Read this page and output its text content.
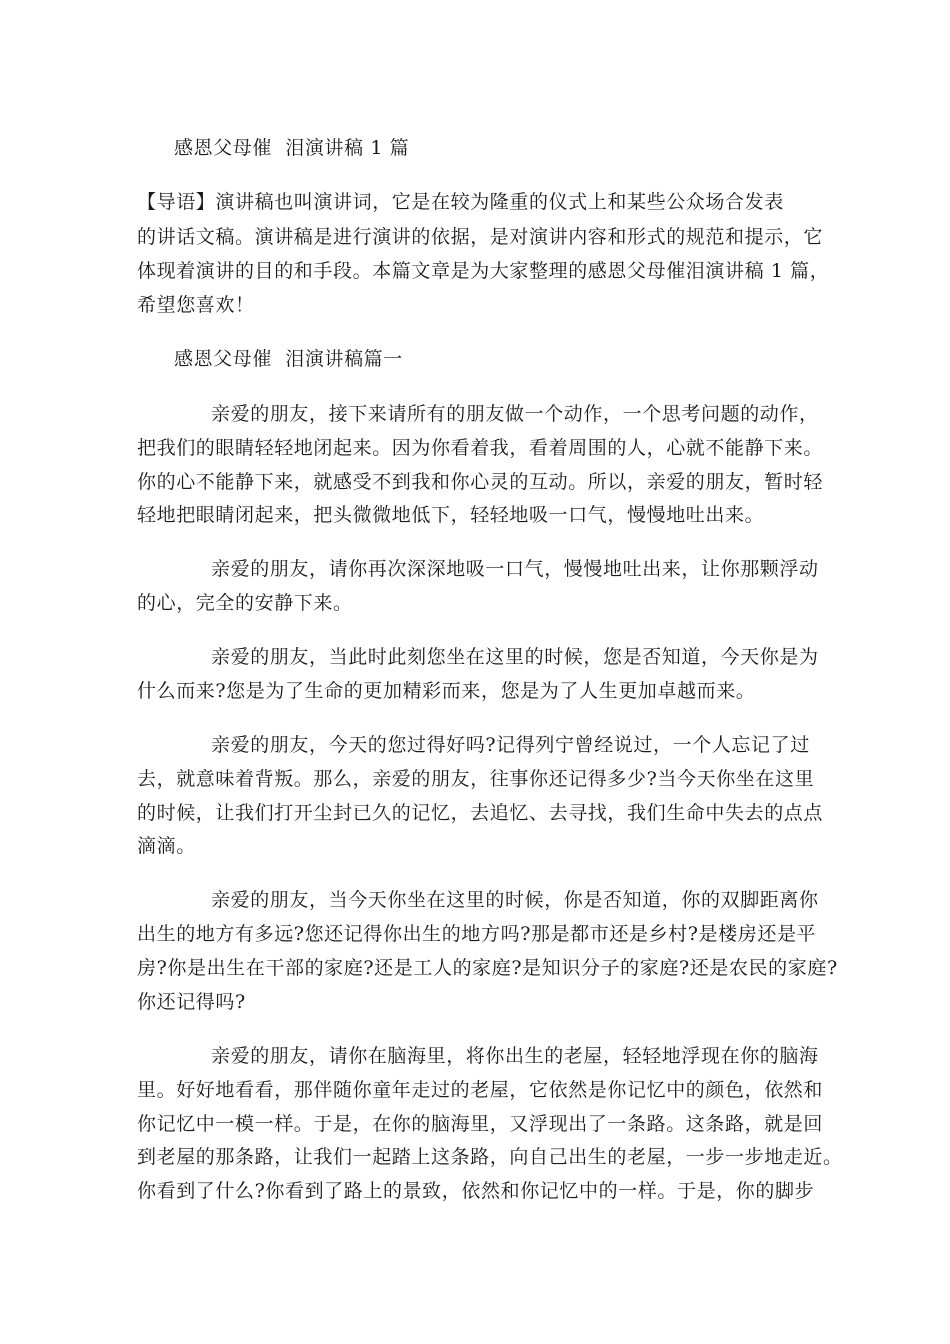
感恩父母催  泪演讲稿 1 篇
【导语】演讲稿也叫演讲词，它是在较为隆重的仪式上和某些公众场合发表
的讲话文稿。演讲稿是进行演讲的依据，是对演讲内容和形式的规范和提示，它
体现着演讲的目的和手段。本篇文章是为大家整理的感恩父母催泪演讲稿 1 篇，
希望您喜欢！
感恩父母催  泪演讲稿篇一
亲爱的朋友，接下来请所有的朋友做一个动作，一个思考问题的动作，
把我们的眼睛轻轻地闭起来。因为你看着我，看着周围的人，心就不能静下来。
你的心不能静下来，就感受不到我和你心灵的互动。所以，亲爱的朋友，暂时轻
轻地把眼睛闭起来，把头微微地低下，轻轻地吸一口气，慢慢地吐出来。
亲爱的朋友，请你再次深深地吸一口气，慢慢地吐出来，让你那颗浮动
的心，完全的安静下来。
亲爱的朋友，当此时此刻您坐在这里的时候，您是否知道，今天你是为
什么而来?您是为了生命的更加精彩而来，您是为了人生更加卓越而来。
亲爱的朋友，今天的您过得好吗?记得列宁曾经说过，一个人忘记了过
去，就意味着背叛。那么，亲爱的朋友，往事你还记得多少?当今天你坐在这里
的时候，让我们打开尘封已久的记忆，去追忆、去寻找，我们生命中失去的点点
滴滴。
亲爱的朋友，当今天你坐在这里的时候，你是否知道，你的双脚距离你
出生的地方有多远?您还记得你出生的地方吗?那是都市还是乡村?是楼房还是平
房?你是出生在干部的家庭?还是工人的家庭?是知识分子的家庭?还是农民的家庭?
你还记得吗?
亲爱的朋友，请你在脑海里，将你出生的老屋，轻轻地浮现在你的脑海
里。好好地看看，那伴随你童年走过的老屋，它依然是你记忆中的颜色，依然和
你记忆中一模一样。于是，在你的脑海里，又浮现出了一条路。这条路，就是回
到老屋的那条路，让我们一起踏上这条路，向自己出生的老屋，一步一步地走近。
你看到了什么?你看到了路上的景致，依然和你记忆中的一样。于是，你的脚步
